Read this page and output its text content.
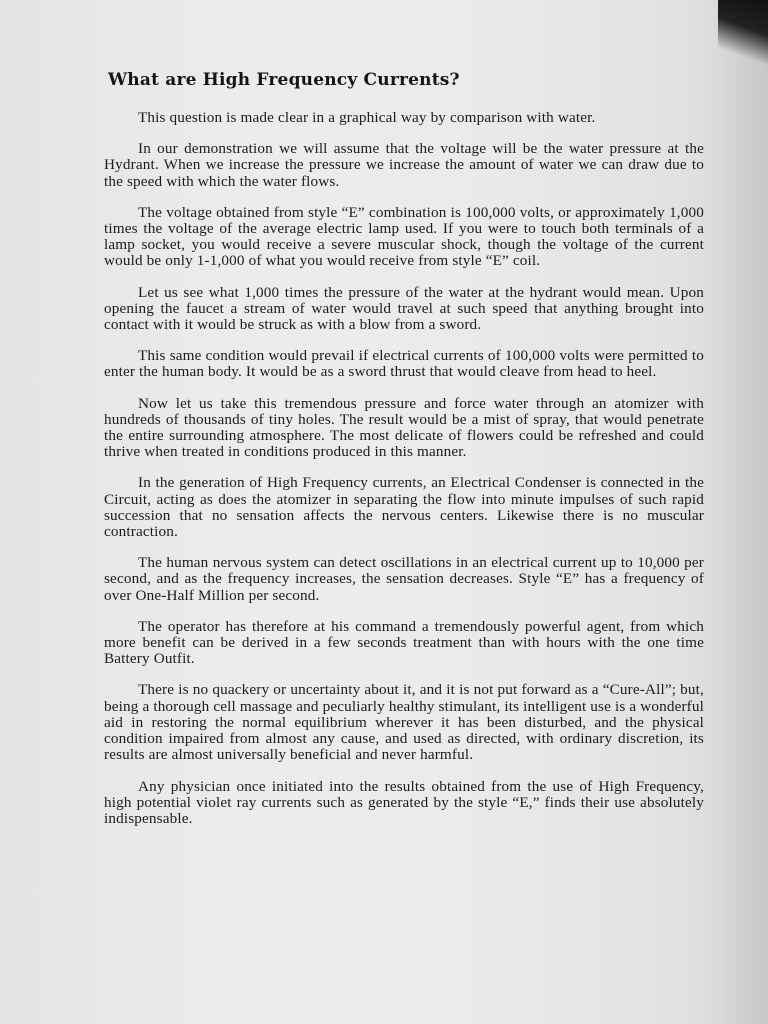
What are High Frequency Currents?

This question is made clear in a graphical way by comparison with water.

In our demonstration we will assume that the voltage will be the water pressure at the Hydrant. When we increase the pressure we increase the amount of water we can draw due to the speed with which the water flows.

The voltage obtained from style “E” combination is 100,000 volts, or approximately 1,000 times the voltage of the average electric lamp used. If you were to touch both terminals of a lamp socket, you would receive a severe muscular shock, though the voltage of the current would be only 1-1,000 of what you would receive from style “E” coil.

Let us see what 1,000 times the pressure of the water at the hydrant would mean. Upon opening the faucet a stream of water would travel at such speed that anything brought into contact with it would be struck as with a blow from a sword.

This same condition would prevail if electrical currents of 100,000 volts were permitted to enter the human body. It would be as a sword thrust that would cleave from head to heel.

Now let us take this tremendous pressure and force water through an atomizer with hundreds of thousands of tiny holes. The result would be a mist of spray, that would penetrate the entire surrounding atmosphere. The most delicate of flowers could be refreshed and could thrive when treated in conditions produced in this manner.

In the generation of High Frequency currents, an Electrical Condenser is connected in the Circuit, acting as does the atomizer in separating the flow into minute impulses of such rapid succession that no sensation affects the nervous centers. Likewise there is no muscular contraction.

The human nervous system can detect oscillations in an electrical current up to 10,000 per second, and as the frequency increases, the sensation decreases. Style “E” has a frequency of over One-Half Million per second.

The operator has therefore at his command a tremendously powerful agent, from which more benefit can be derived in a few seconds treatment than with hours with the one time Battery Outfit.

There is no quackery or uncertainty about it, and it is not put forward as a “Cure-All”; but, being a thorough cell massage and peculiarly healthy stimulant, its intelligent use is a wonderful aid in restoring the normal equilibrium wherever it has been disturbed, and the physical condition impaired from almost any cause, and used as directed, with ordinary discretion, its results are almost universally beneficial and never harmful.

Any physician once initiated into the results obtained from the use of High Frequency, high potential violet ray currents such as generated by the style “E,” finds their use absolutely indispensable.
